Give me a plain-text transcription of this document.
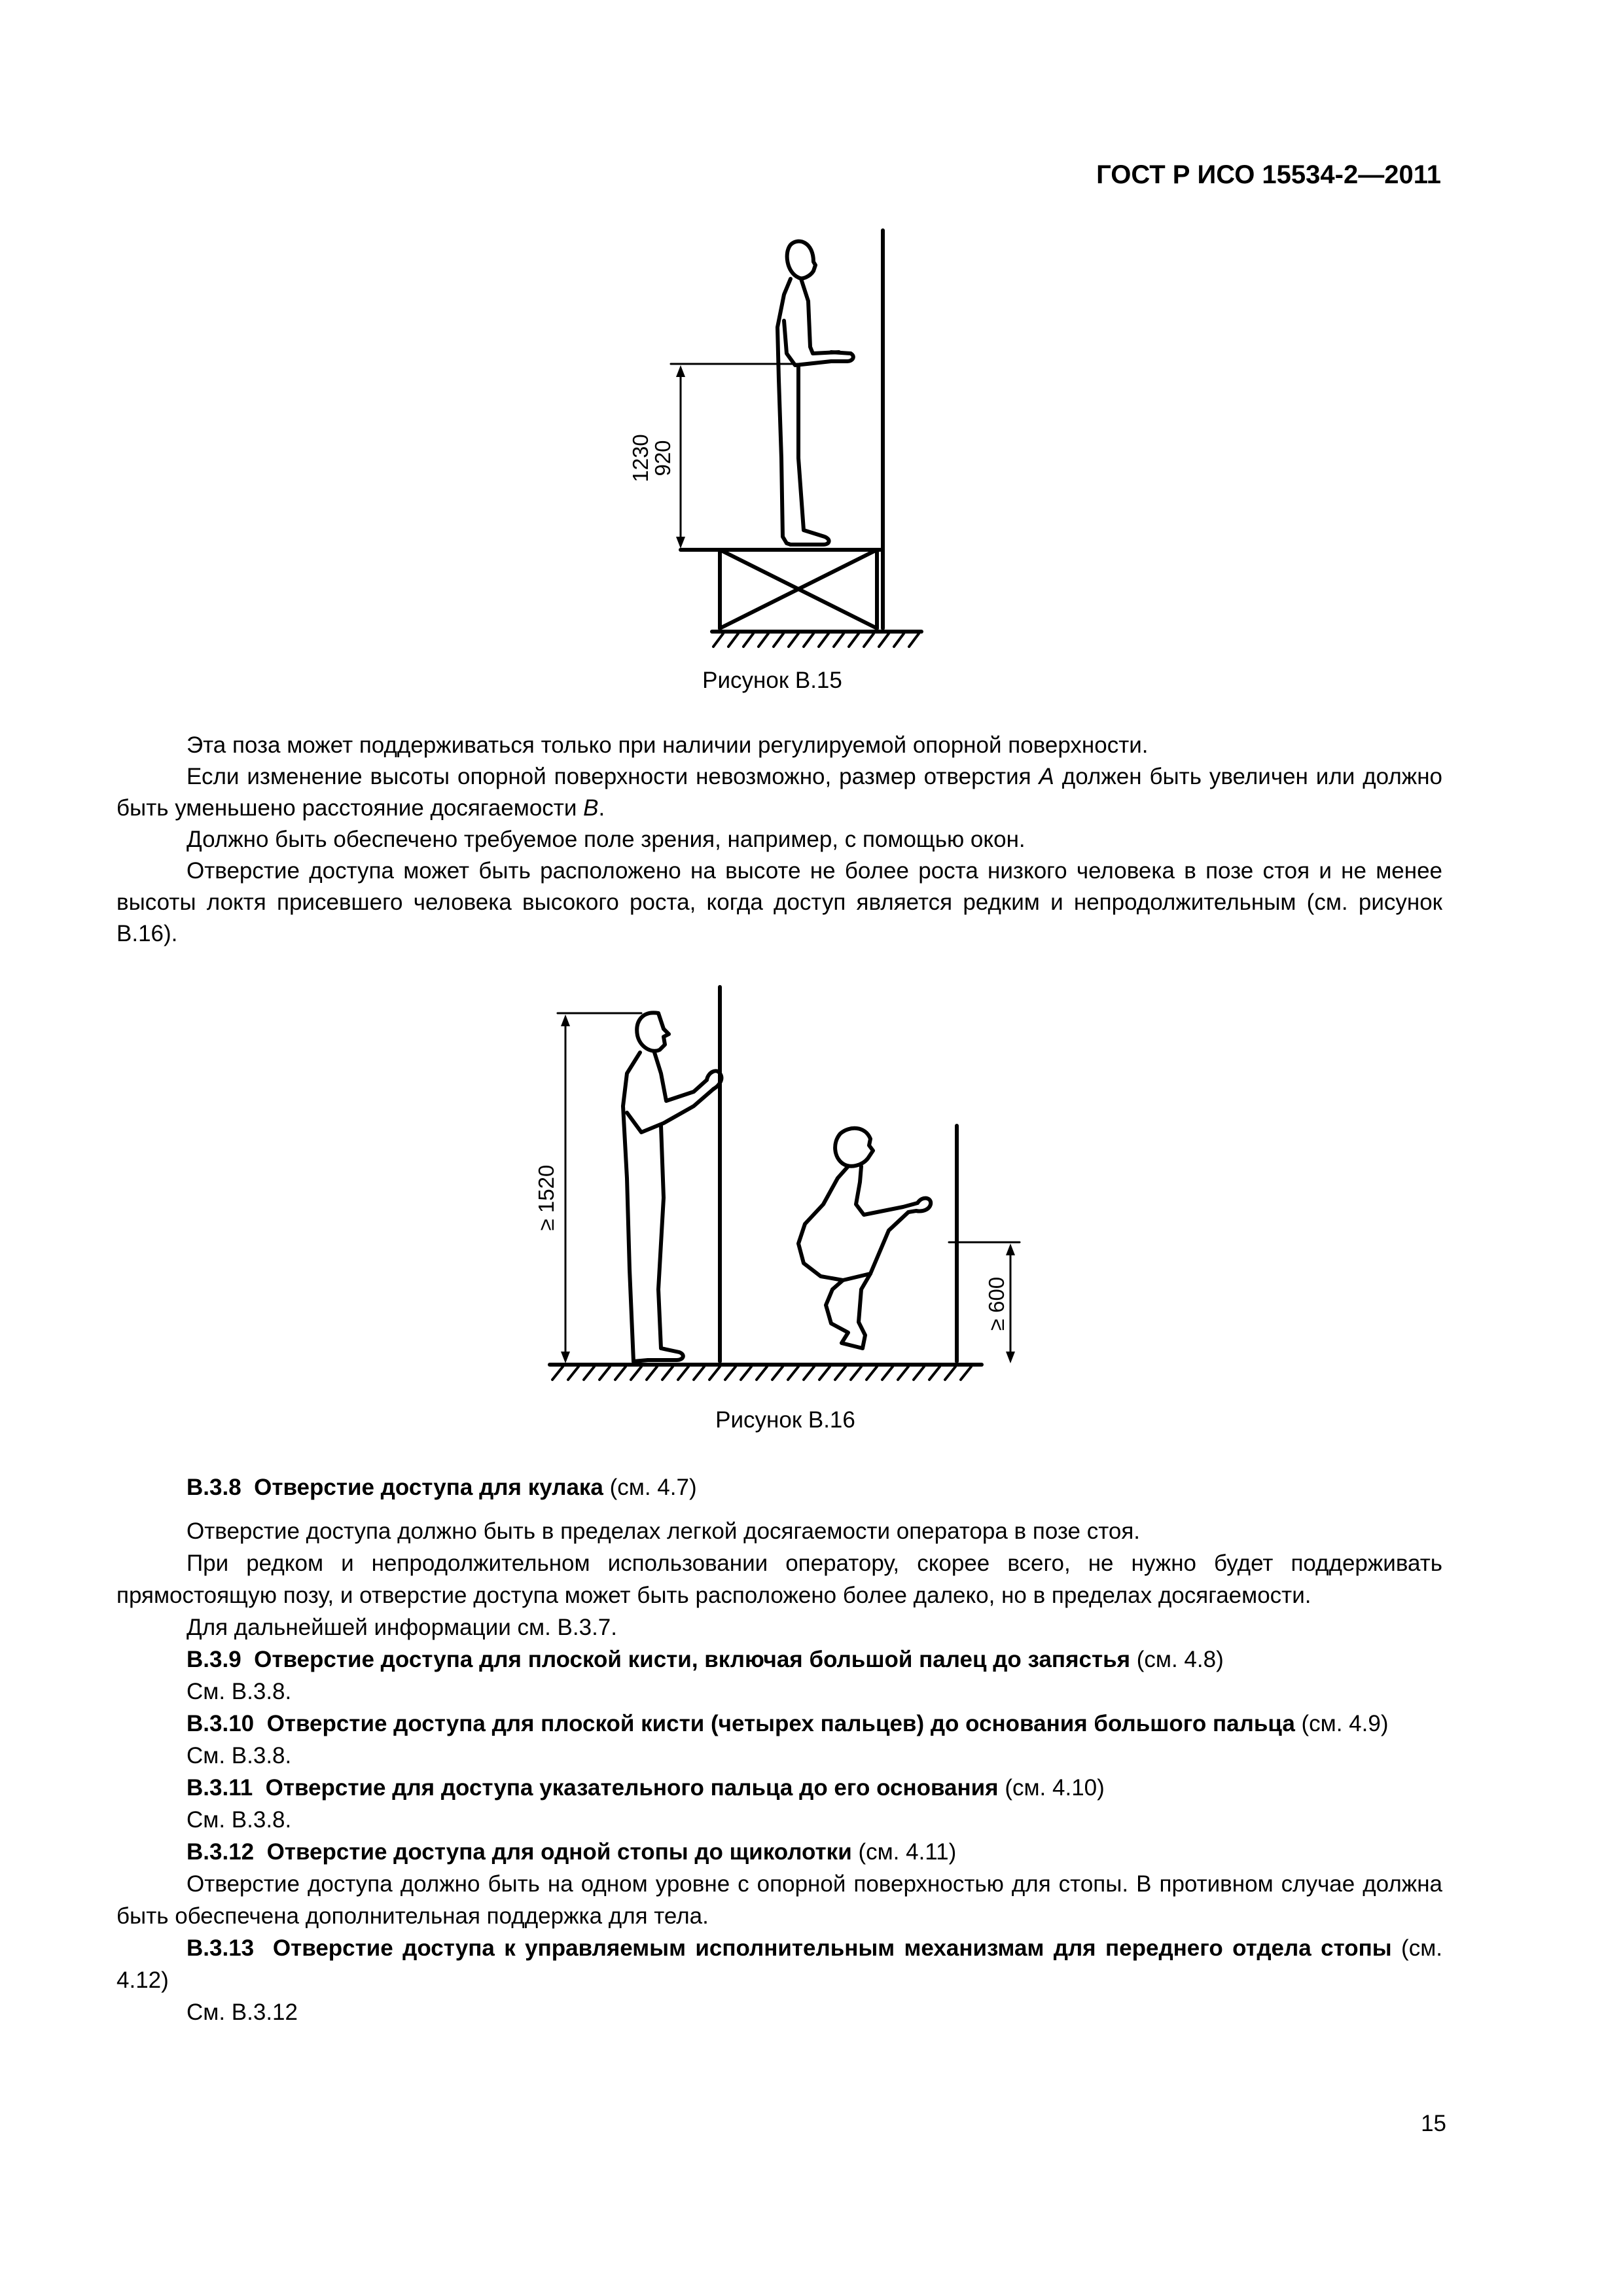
ГОСТ Р ИСО 15534-2—2011
1230
920
Рисунок В.15

Эта поза может поддерживаться только при наличии регулируемой опорной поверхности.

Если изменение высоты опорной поверхности невозможно, размер отверстия A должен быть увеличен или должно быть уменьшено расстояние досягаемости B.

Должно быть обеспечено требуемое поле зрения, например, с помощью окон.

Отверстие доступа может быть расположено на высоте не более роста низкого человека в позе стоя и не менее высоты локтя присевшего человека высокого роста, когда доступ является редким и непродолжительным (см. рисунок В.16).

≥ 1520
≥ 600
Рисунок В.16

В.3.8 Отверстие доступа для кулака (см. 4.7)

Отверстие доступа должно быть в пределах легкой досягаемости оператора в позе стоя.

При редком и непродолжительном использовании оператору, скорее всего, не нужно будет поддерживать прямостоящую позу, и отверстие доступа может быть расположено более далеко, но в пределах досягаемости.

Для дальнейшей информации см. В.3.7.

В.3.9 Отверстие доступа для плоской кисти, включая большой палец до запястья (см. 4.8)

См. В.3.8.

В.3.10 Отверстие доступа для плоской кисти (четырех пальцев) до основания большого пальца (см. 4.9)

См. В.3.8.

В.3.11 Отверстие для доступа указательного пальца до его основания (см. 4.10)

См. В.3.8.

В.3.12 Отверстие доступа для одной стопы до щиколотки (см. 4.11)

Отверстие доступа должно быть на одном уровне с опорной поверхностью для стопы. В противном случае должна быть обеспечена дополнительная поддержка для тела.

В.3.13 Отверстие доступа к управляемым исполнительным механизмам для переднего отдела стопы (см. 4.12)

См. В.3.12

15
